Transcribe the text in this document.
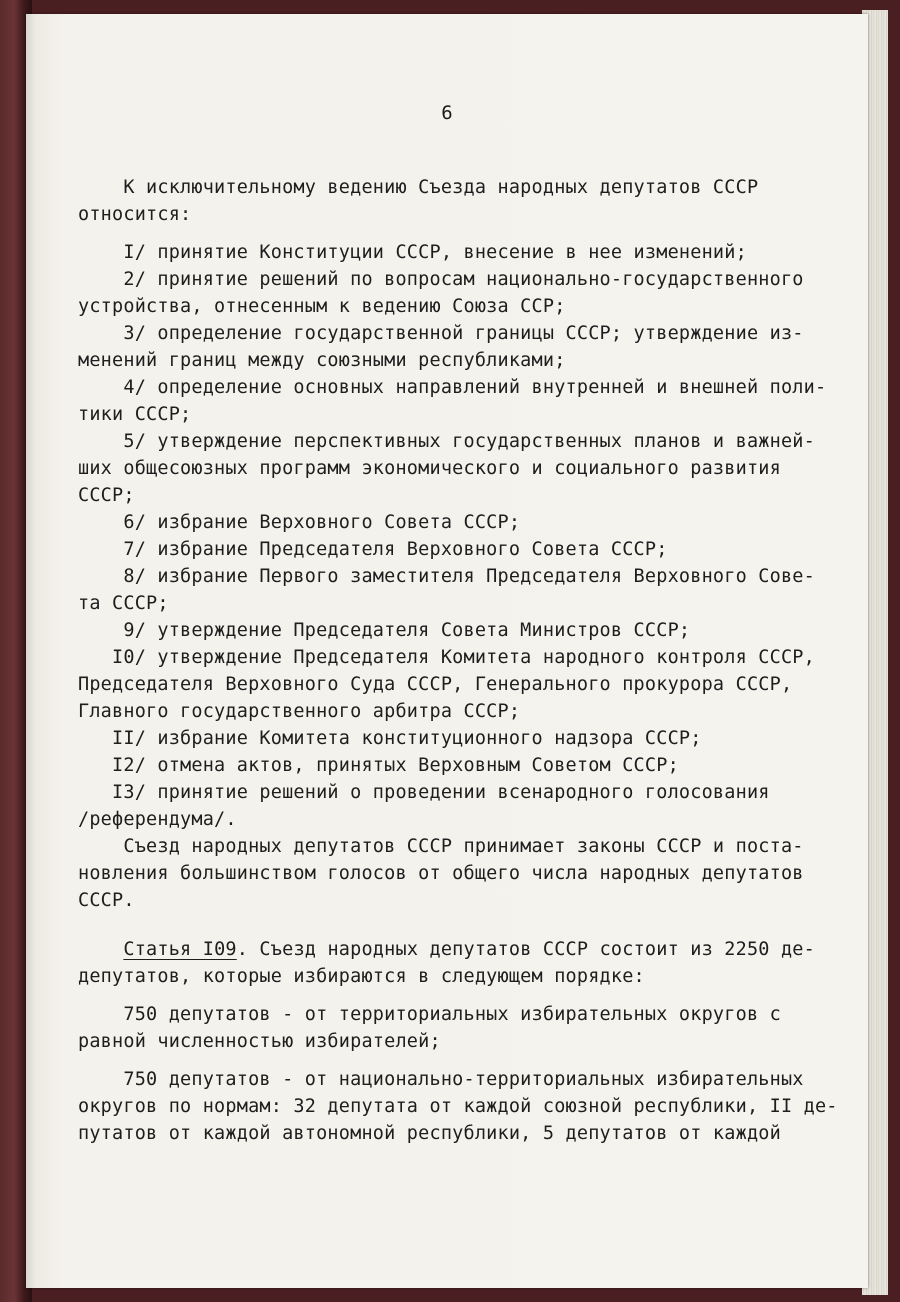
6
К исключительному ведению Съезда народных депутатов СССР
относится:
I/ принятие Конституции СССР, внесение в нее изменений;
2/ принятие решений по вопросам национально-государственного
устройства, отнесенным к ведению Союза ССР;
3/ определение государственной границы СССР; утверждение из-
менений границ между союзными республиками;
4/ определение основных направлений внутренней и внешней поли-
тики СССР;
5/ утверждение перспективных государственных планов и важней-
ших общесоюзных программ экономического и социального развития
СССР;
6/ избрание Верховного Совета СССР;
7/ избрание Председателя Верховного Совета СССР;
8/ избрание Первого заместителя Председателя Верховного Сове-
та СССР;
9/ утверждение Председателя Совета Министров СССР;
I0/ утверждение Председателя Комитета народного контроля СССР,
Председателя Верховного Суда СССР, Генерального прокурора СССР,
Главного государственного арбитра СССР;
II/ избрание Комитета конституционного надзора СССР;
I2/ отмена актов, принятых Верховным Советом СССР;
I3/ принятие решений о проведении всенародного голосования
/референдума/.
Съезд народных депутатов СССР принимает законы СССР и поста-
новления большинством голосов от общего числа народных депутатов
СССР.
Статья I09. Съезд народных депутатов СССР состоит из 2250 де-
депутатов, которые избираются в следующем порядке:
750 депутатов - от территориальных избирательных округов с
равной численностью избирателей;
750 депутатов - от национально-территориальных избирательных
округов по нормам: 32 депутата от каждой союзной республики, II де-
путатов от каждой автономной республики, 5 депутатов от каждой
